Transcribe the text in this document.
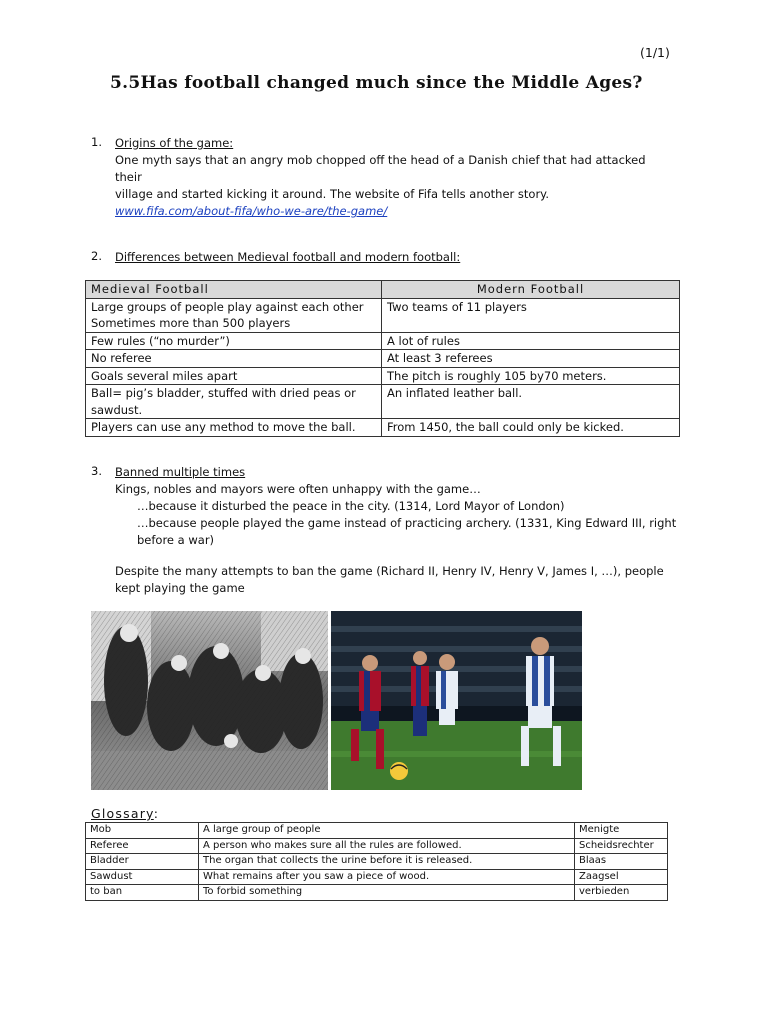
(1/1)
5.5Has football changed much since the Middle Ages?
1.	Origins of the game:
One myth says that an angry mob chopped off the head of a Danish chief that had attacked their
village and started kicking it around. The website of Fifa tells another story.
www.fifa.com/about-fifa/who-we-are/the-game/
2.	Differences between Medieval football and modern football:
Medieval Football	Modern Football
Large groups of people play against each other
Sometimes more than 500 players	Two teams of 11 players
Few rules (“no murder”)	A lot of rules
No referee	At least 3 referees
Goals several miles apart	The pitch is roughly 105 by70 meters.
Ball= pig’s bladder, stuffed with dried peas or
sawdust.	An inflated leather ball.
Players can use any method to move the ball.	From 1450, the ball could only be kicked.
3.	Banned multiple times
Kings, nobles and mayors were often unhappy with the game…
…because it disturbed the peace in the city. (1314, Lord Mayor of London)
…because people played the game instead of practicing archery. (1331, King Edward III, right
before a war)
Despite the many attempts to ban the game (Richard II, Henry IV, Henry V, James I, …), people
kept playing the game
Glossary:
Mob	A large group of people	Menigte
Referee	A person who makes sure all the rules are followed.	Scheidsrechter
Bladder	The organ that collects the urine before it is released.	Blaas
Sawdust	What remains after you saw a piece of wood.	Zaagsel
to ban	To forbid something	verbieden
